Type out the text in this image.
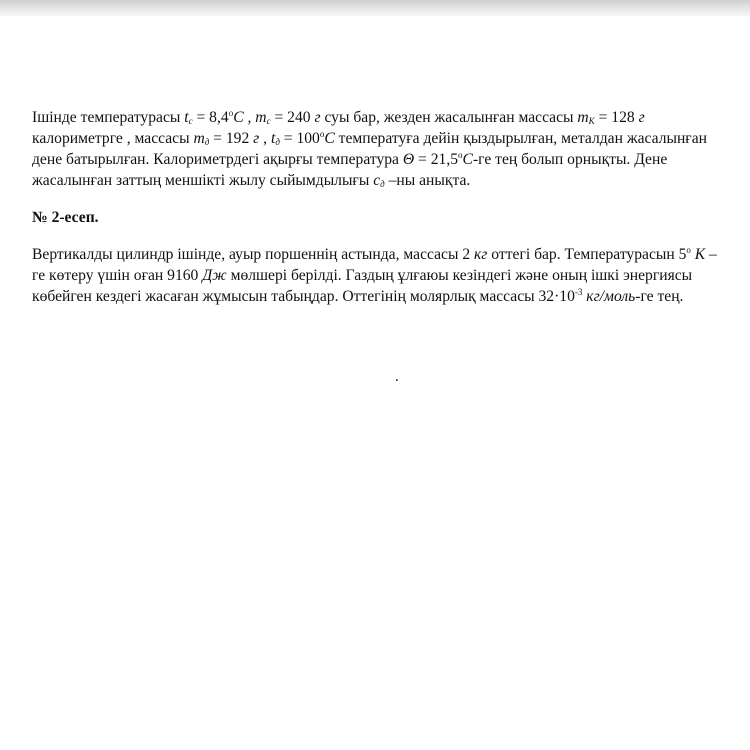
Ішінде температурасы $t_с = 8,4^оС$ , $m_с = 240$ г суы бар, жезден жасалынған массасы $m_K = 128$ г калориметрге , массасы $m_д = 192$ г , $t_д = 100^оС$ температуға дейін қыздырылған, металдан жасалынған дене батырылған. Калориметрдегі ақырғы температура $\Theta = 21,5^оС-ге$ тең болып орнықты. Дене жасалынған заттың меншікті жылу сыйымдылығы $с_д$ –ны анықта.

№ 2-есеп.

Вертикалды цилиндр ішінде, ауыр поршеннің астында, массасы 2 кг оттегі бар. Температурасын $5^о$ К – ге көтеру үшін оған 9160 Дж мөлшері берілді. Газдың ұлғаюы кезіндегі және оның ішкі энергиясы көбейген кездегі жасаған жұмысын табыңдар. Оттегінің молярлық массасы $32\cdot 10^{-3}$ кг/моль-ге тең.

.
